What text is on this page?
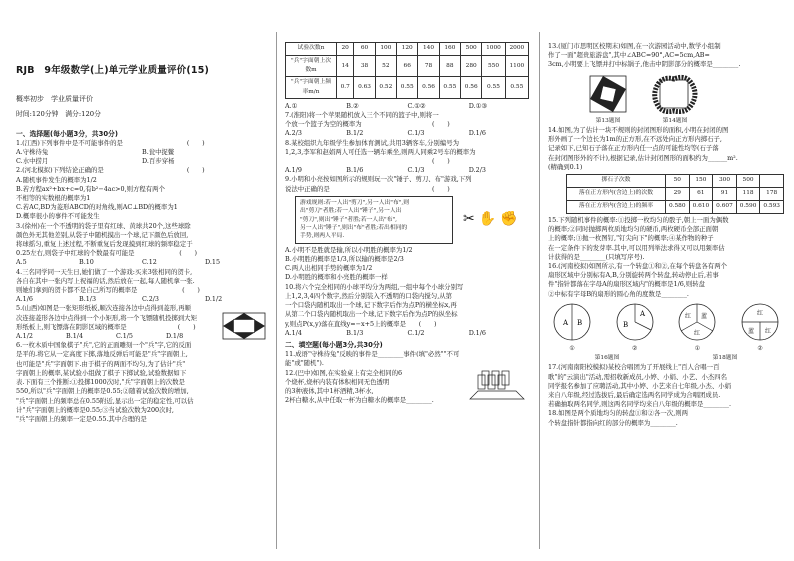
RJB　9年级数学(上)单元学业质量评价(15)
概率初步　学业质量评价
时间:120分钟　满分:120分
一、选择题(每小题3分，共30分)

1.(江西)下列事件中是不可能事件的是　　　　　　　　　　(　　)

A.守株待兔	B.瓮中捉鳖
C.水中捞月	D.百步穿杨

2.(河北模拟)下列结论正确的是　　　　　　　　　　　　　(　　)

A.随机事件发生的概率为1/2

B.若方程ax²+bx+c=0,有b²−4ac>0,则方程有两个

不相等的实数根的概率为1

C.若AC,BD为菱形ABCD的对角线,则AC⊥BD的概率为1

D.概率很小的事件不可能发生

3.(徐州)在一个不透明的袋子里有红球、黄球共20个,这些球除

颜色外无其他差别,从袋子中随机摸出一个球,记下颜色后放回,

将球摇匀,重复上述过程,不断重复后发现摸到红球的频率稳定于

0.25左右,则袋子中红球的个数最有可能是　　　　　　　(　　)

A.5	B.10	C.12	D.15

4.三名同学同一天生日,她们做了一个游戏:买来3张相同的贺卡,

各自在其中一张内写上祝福的话,然后放在一起,每人随机拿一张.

则她们拿到的贺卡都不是自己所写的概率是　　　　　　　(　　)

A.1/6	B.1/3	C.2/3	D.1/2

5.(山西)如图是一张矩形纸板,顺次连接各边中点得到菱形,再顺

次连接菱形各边中点得到一个小矩形,将一个飞镖随机投掷到大矩

形纸板上,则飞镖落在阴影区域的概率是　　　　　　　　(　　)

A.1/2	B.1/4	C.1/5	D.1/8

6.一枚木质中国象棋子"兵",它的正面雕刻一个"兵"字,它的反面

是平的.将它从一定高度下掷,落地反弹后可能是"兵"字面朝上,

也可能是"兵"字面朝下.由于棋子的两面不均匀,为了估计"兵"

字面朝上的概率,某试验小组做了棋子下掷试验,试验数据如下

表.下面有三个推断:①投掷1000次时,"兵"字面朝上的次数是

550,所以"兵"字面朝上的概率是0.55;②随着试验次数的增加,

"兵"字面朝上的频率总在0.55附近,显示出一定的稳定性,可以估

计"兵"字面朝上的概率是0.55;③当试验次数为200次时,

"兵"字面朝上的频率一定是0.55.其中合理的是

试验次数n	20	60	100	120	140	160	500	1000	2000
"兵"字面朝上次数m	14	38	52	66	78	88	280	550	1100
"兵"字面朝上频率m/n	0.7	0.63	0.52	0.55	0.56	0.55	0.56	0.55	0.55
A.①	B.②	C.①②	D.①③

7.(淮阳)将一个苹果随机放入三个不同的篮子中,则将一

个放一个篮子为空的概率为　　　　　　　　　　　(　　)

A.2/3	B.1/2	C.1/3	D.1/6

8.某校组织九年级学生参加体育测试,共用3辆客车,分别编号为

1,2,3,李军和赵娟两人可任选一辆车乘坐,则两人同乘2号车的概率为

　　　　　　　　　　　　　　　　　　　　　　　(　　)

A.1/9	B.1/6	C.1/3	D.2/3

9.小明和小亮按如图所示的规则玩一次"锤子、剪刀、布"游戏,下列

说法中正确的是　　　　　　　　　　　　　　　　(　　)

游戏规则:若一人出"剪刀",另一人出"布",则
出"剪刀"者胜;若一人出"锤子",另一人出
"剪刀",则出"锤子"者胜;若一人出"布",
另一人出"锤子",则出"布"者胜;若出相同的
手势,则两人平局.
✂✋✊

A.小明不是胜就是输,所以小明胜的概率为1/2

B.小明胜的概率是1/3,所以输的概率是2/3

C.两人出相同手势的概率为1/2

D.小明胜的概率和小亮胜的概率一样

10.将六个完全相同的小球平均分为两组,一组中每个小球分别写

上1,2,3,4四个数字,然后分别装入不透明的口袋内搅匀,从第

一个口袋内随机取出一个球,记下数字后作为点P的横坐标x,再

从第二个口袋内随机取出一个球,记下数字后作为点P的纵坐标

y,则点P(x,y)落在直线y=−x+5上的概率是　　(　　)

A.1/4	B.1/3	C.1/2	D.1/6
二、填空题(每小题3分,共30分)

11.成语"守株待兔"反映的事件是________事件(填"必然""不可

能"或"随机").

12.(巴中)如图,在实验桌上有完全相同的6

个烧杯,烧杯内装有体积相同无色透明

的3种液体,其中1杯酒精,3杯水,

2杯白糖水,从中任取一杯为白糖水的概率是________.

13.(厦门市思明区校期末)如图,在一次游园活动中,数学小组制

作了一面"超贵旅游盘",其中∠ABC=90°,AC=5cm,AB=

3cm,小明要上飞镖并打中标锅子,他击中阴影部分的概率是________.

第13题图	第14题图

14.如图,为了估计一块不规则的封闭图形的面积,小明在封闭的图

形外画了一个边长为1m的正方形,在不远处向正方形内掷石子,

记录如下,已知石子落在正方形内任一点的可能性均等(石子落

在封闭图形外的不计),根据记录,估计封闭图形的面积约为______m².

(精确到0.1)

掷石子次数	50	150	300	500	
落在正方形内(含边上)的次数	29	61	91	118	178
落在正方形内(含边上)的频率	0.580	0.610	0.607	0.590	0.593

15.下列随机事件的概率:①投掷一枚均匀的骰子,朝上一面为偶数

的概率;②同时抛掷两枚质地均匀的硬币,两枚硬币全部正面朝

上的概率;③抛一枚图钉,"钉尖向下"的概率;④某作物的种子

在一定条件下的发芽率.其中,可以用列举法求得又可以用频率估

计获得的是________(只填写序号).

16.(河南校拟)如图所示,有一个转盘①和②,在每个转盘各有两个

扇形区域中分别标有A,B,分别旋转两个转盘,转动停止后,若事

件"指针都落在字母A的扇形区域内"的概率是1/6,则转盘

②中标有字母B的扇形的圆心角的度数是________.

A B
①
B
A
②
红 蓝
红
①
红
蓝 红
②
第16题图	第18题图

17.(河南南阳校模拟)某校合唱团为了开展线上"百人合唱一百

歌"的"云演出"活动,需招收新成员,小婷、小娟、小艺、小杰四名

同学报名参加了应聘活动,其中小婷、小艺来自七年级,小杰、小娟

来自八年级,经过选拔后,最后确定选两名同学成为合唱团成员.

若确抽取两名同学,则这两名同学均来自八年级的概率是________.

18.如图是两个质地均匀的转盘①和②各一次,则两

个转盘指针都指向红的部分的概率为________.
